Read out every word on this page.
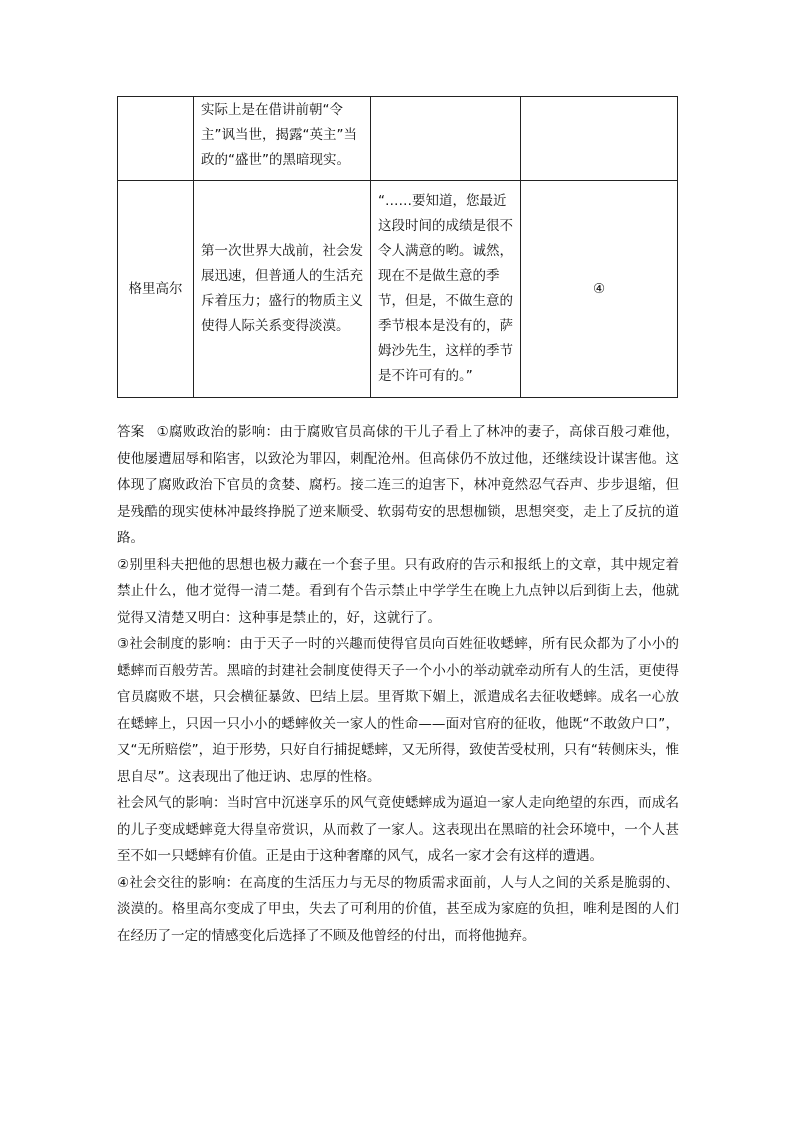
	实际上是在借讲前朝“令主”讽当世，揭露“英主”当政的“盛世”的黑暗现实。		
格里高尔	第一次世界大战前，社会发展迅速，但普通人的生活充斥着压力；盛行的物质主义使得人际关系变得淡漠。	“……要知道，您最近这段时间的成绩是很不令人满意的哟。诚然，现在不是做生意的季节，但是，不做生意的季节根本是没有的，萨姆沙先生，这样的季节是不许可有的。”	④

答案 ①腐败政治的影响：由于腐败官员高俅的干儿子看上了林冲的妻子，高俅百般刁难他，使他屡遭屈辱和陷害，以致沦为罪囚，刺配沧州。但高俅仍不放过他，还继续设计谋害他。这体现了腐败政治下官员的贪婪、腐朽。接二连三的迫害下，林冲竟然忍气吞声、步步退缩，但是残酷的现实使林冲最终挣脱了逆来顺受、软弱苟安的思想枷锁，思想突变，走上了反抗的道路。

②别里科夫把他的思想也极力藏在一个套子里。只有政府的告示和报纸上的文章，其中规定着禁止什么，他才觉得一清二楚。看到有个告示禁止中学学生在晚上九点钟以后到街上去，他就觉得又清楚又明白：这种事是禁止的，好，这就行了。

③社会制度的影响：由于天子一时的兴趣而使得官员向百姓征收蟋蟀，所有民众都为了小小的蟋蟀而百般劳苦。黑暗的封建社会制度使得天子一个小小的举动就牵动所有人的生活，更使得官员腐败不堪，只会横征暴敛、巴结上层。里胥欺下媚上，派遣成名去征收蟋蟀。成名一心放在蟋蟀上，只因一只小小的蟋蟀攸关一家人的性命——面对官府的征收，他既“不敢敛户口”，又“无所赔偿”，迫于形势，只好自行捕捉蟋蟀，又无所得，致使苦受杖刑，只有“转侧床头，惟思自尽”。这表现出了他迂讷、忠厚的性格。

社会风气的影响：当时宫中沉迷享乐的风气竟使蟋蟀成为逼迫一家人走向绝望的东西，而成名的儿子变成蟋蟀竟大得皇帝赏识，从而救了一家人。这表现出在黑暗的社会环境中，一个人甚至不如一只蟋蟀有价值。正是由于这种奢靡的风气，成名一家才会有这样的遭遇。

④社会交往的影响：在高度的生活压力与无尽的物质需求面前，人与人之间的关系是脆弱的、淡漠的。格里高尔变成了甲虫，失去了可利用的价值，甚至成为家庭的负担，唯利是图的人们在经历了一定的情感变化后选择了不顾及他曾经的付出，而将他抛弃。
